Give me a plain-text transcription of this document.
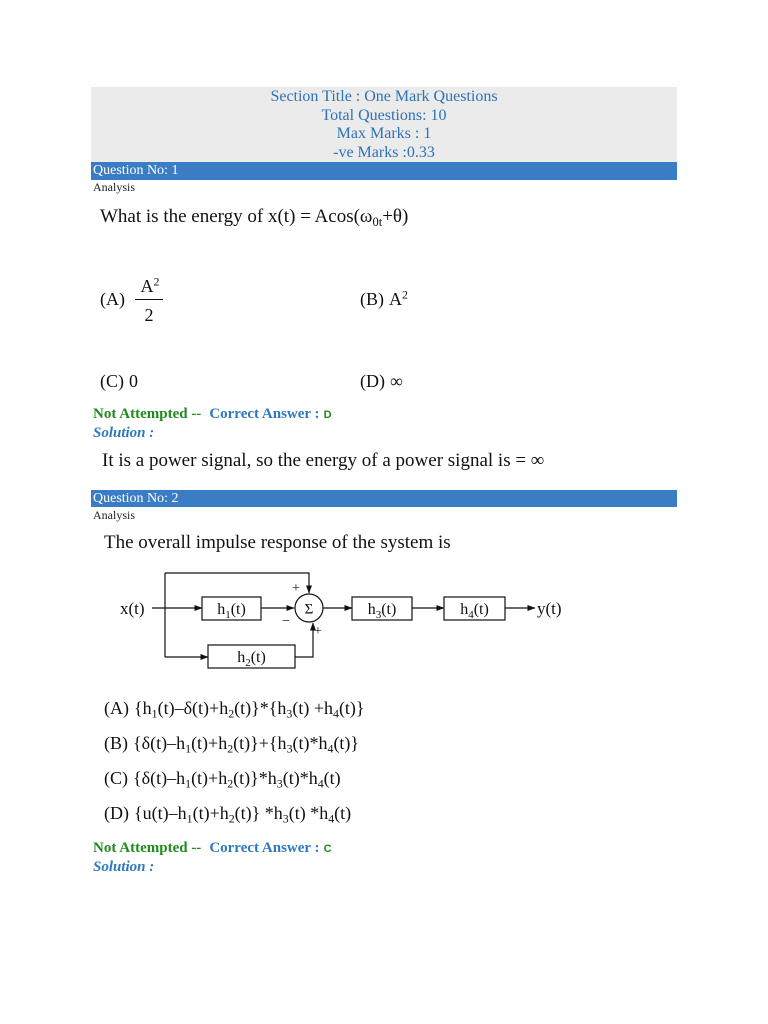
Section Title : One Mark Questions
Total Questions: 10
Max Marks : 1
-ve Marks :0.33
Question No: 1
Analysis
What is the energy of $x(t) = Acos(\omega_{0t}+\theta)$
(A)
$A^2$
2
(B) $A^2$
(C) 0	(D) ∞
Not Attempted -- Correct Answer : D
Solution :
It is a power signal, so the energy of a power signal is = ∞
Question No: 2
Analysis
The overall impulse response of the system is
x(t)	y(t)
Σ
+
−
+
$h_1(t)$
$h_2(t)$
$h_3(t)$	$h_4(t)$
(A) $\{h_1(t)-\delta(t)+h_2(t)\}*\{h_3(t) +h_4(t)\}$
(B) $\{\delta(t)-h_1(t)+h_2(t)\}+\{h_3(t)*h_4(t)\}$
(C) $\{\delta(t)-h_1(t)+h_2(t)\}*h_3(t)*h_4(t)$
(D) $\{u(t)-h_1(t)+h_2(t)\}$ $*h_3(t)$ $*h_4(t)$
Not Attempted -- Correct Answer : C
Solution :
